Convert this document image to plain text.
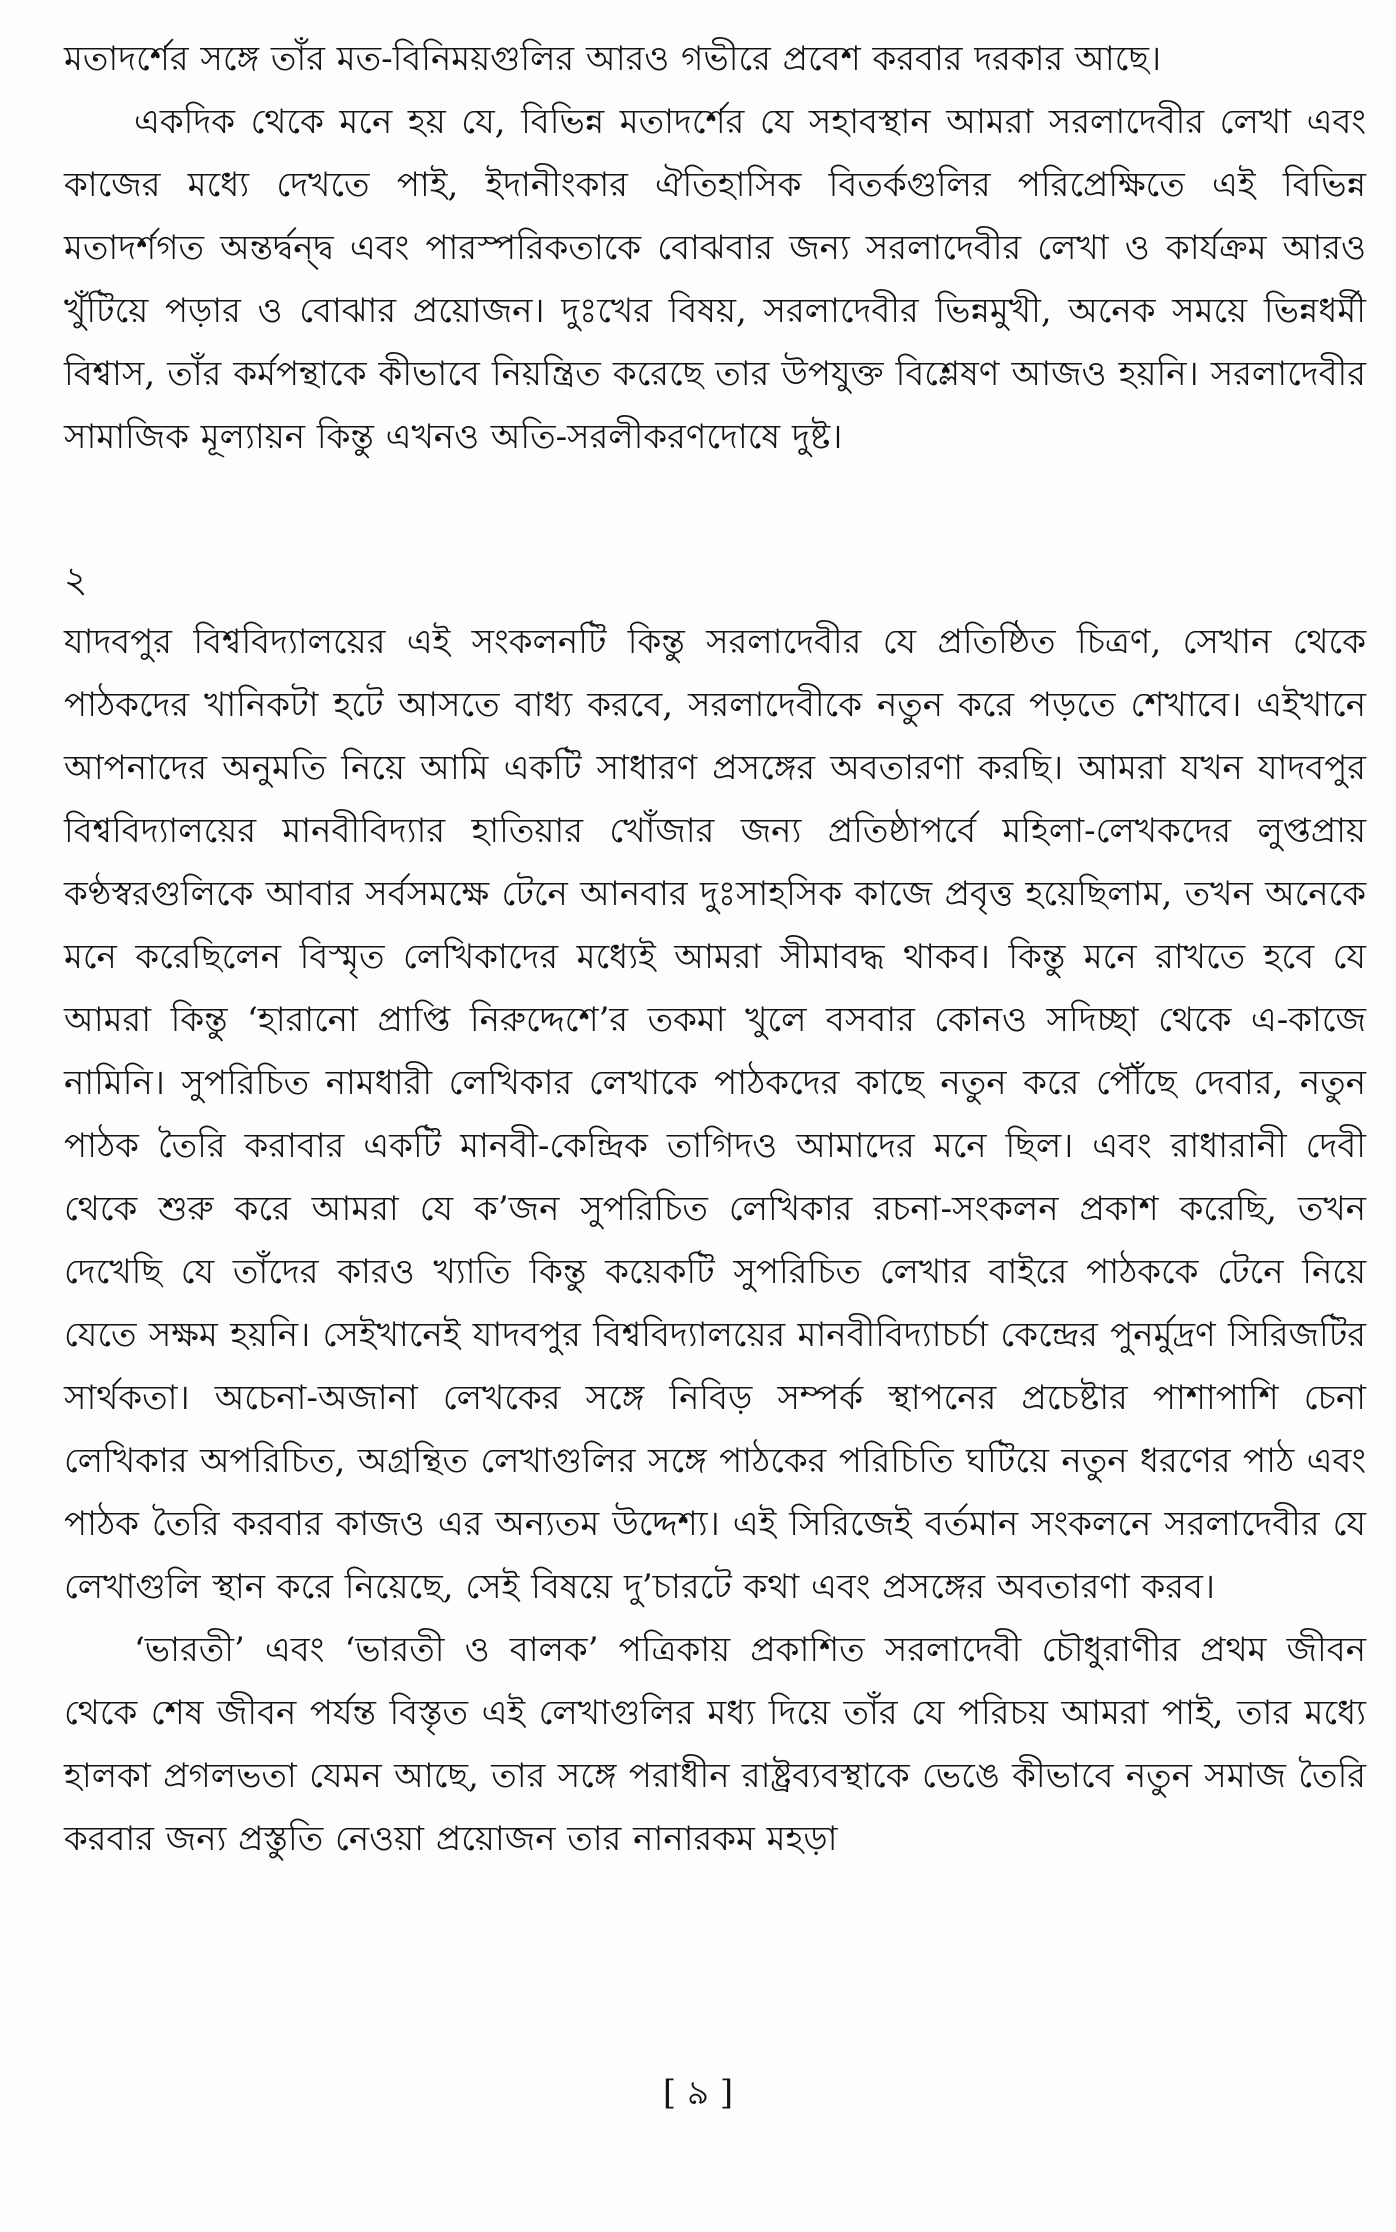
মতাদর্শের সঙ্গে তাঁর মত-বিনিময়গুলির আরও গভীরে প্রবেশ করবার দরকার আছে।

একদিক থেকে মনে হয় যে, বিভিন্ন মতাদর্শের যে সহাবস্থান আমরা সরলাদেবীর লেখা এবং কাজের মধ্যে দেখতে পাই, ইদানীংকার ঐতিহাসিক বিতর্কগুলির পরিপ্রেক্ষিতে এই বিভিন্ন মতাদর্শগত অন্তর্দ্বন্দ্ব এবং পারস্পরিকতাকে বোঝবার জন্য সরলাদেবীর লেখা ও কার্যক্রম আরও খুঁটিয়ে পড়ার ও বোঝার প্রয়োজন। দুঃখের বিষয়, সরলাদেবীর ভিন্নমুখী, অনেক সময়ে ভিন্নধর্মী বিশ্বাস, তাঁর কর্মপন্থাকে কীভাবে নিয়ন্ত্রিত করেছে তার উপযুক্ত বিশ্লেষণ আজও হয়নি। সরলাদেবীর সামাজিক মূল্যায়ন কিন্তু এখনও অতি-সরলীকরণদোষে দুষ্ট।

২

যাদবপুর বিশ্ববিদ্যালয়ের এই সংকলনটি কিন্তু সরলাদেবীর যে প্রতিষ্ঠিত চিত্রণ, সেখান থেকে পাঠকদের খানিকটা হটে আসতে বাধ্য করবে, সরলাদেবীকে নতুন করে পড়তে শেখাবে। এইখানে আপনাদের অনুমতি নিয়ে আমি একটি সাধারণ প্রসঙ্গের অবতারণা করছি। আমরা যখন যাদবপুর বিশ্ববিদ্যালয়ের মানবীবিদ্যার হাতিয়ার খোঁজার জন্য প্রতিষ্ঠাপর্বে মহিলা-লেখকদের লুপ্তপ্রায় কণ্ঠস্বরগুলিকে আবার সর্বসমক্ষে টেনে আনবার দুঃসাহসিক কাজে প্রবৃত্ত হয়েছিলাম, তখন অনেকে মনে করেছিলেন বিস্মৃত লেখিকাদের মধ্যেই আমরা সীমাবদ্ধ থাকব। কিন্তু মনে রাখতে হবে যে আমরা কিন্তু ‘হারানো প্রাপ্তি নিরুদ্দেশে’র তকমা খুলে বসবার কোনও সদিচ্ছা থেকে এ-কাজে নামিনি। সুপরিচিত নামধারী লেখিকার লেখাকে পাঠকদের কাছে নতুন করে পৌঁছে দেবার, নতুন পাঠক তৈরি করাবার একটি মানবী-কেন্দ্রিক তাগিদও আমাদের মনে ছিল। এবং রাধারানী দেবী থেকে শুরু করে আমরা যে ক’জন সুপরিচিত লেখিকার রচনা-সংকলন প্রকাশ করেছি, তখন দেখেছি যে তাঁদের কারও খ্যাতি কিন্তু কয়েকটি সুপরিচিত লেখার বাইরে পাঠককে টেনে নিয়ে যেতে সক্ষম হয়নি। সেইখানেই যাদবপুর বিশ্ববিদ্যালয়ের মানবীবিদ্যাচর্চা কেন্দ্রের পুনর্মুদ্রণ সিরিজটির সার্থকতা। অচেনা-অজানা লেখকের সঙ্গে নিবিড় সম্পর্ক স্থাপনের প্রচেষ্টার পাশাপাশি চেনা লেখিকার অপরিচিত, অগ্রন্থিত লেখাগুলির সঙ্গে পাঠকের পরিচিতি ঘটিয়ে নতুন ধরণের পাঠ এবং পাঠক তৈরি করবার কাজও এর অন্যতম উদ্দেশ্য। এই সিরিজেই বর্তমান সংকলনে সরলাদেবীর যে লেখাগুলি স্থান করে নিয়েছে, সেই বিষয়ে দু’চারটে কথা এবং প্রসঙ্গের অবতারণা করব।

‘ভারতী’ এবং ‘ভারতী ও বালক’ পত্রিকায় প্রকাশিত সরলাদেবী চৌধুরাণীর প্রথম জীবন থেকে শেষ জীবন পর্যন্ত বিস্তৃত এই লেখাগুলির মধ্য দিয়ে তাঁর যে পরিচয় আমরা পাই, তার মধ্যে হালকা প্রগলভতা যেমন আছে, তার সঙ্গে পরাধীন রাষ্ট্রব্যবস্থাকে ভেঙে কীভাবে নতুন সমাজ তৈরি করবার জন্য প্রস্তুতি নেওয়া প্রয়োজন তার নানারকম মহড়া

[ ৯ ]
